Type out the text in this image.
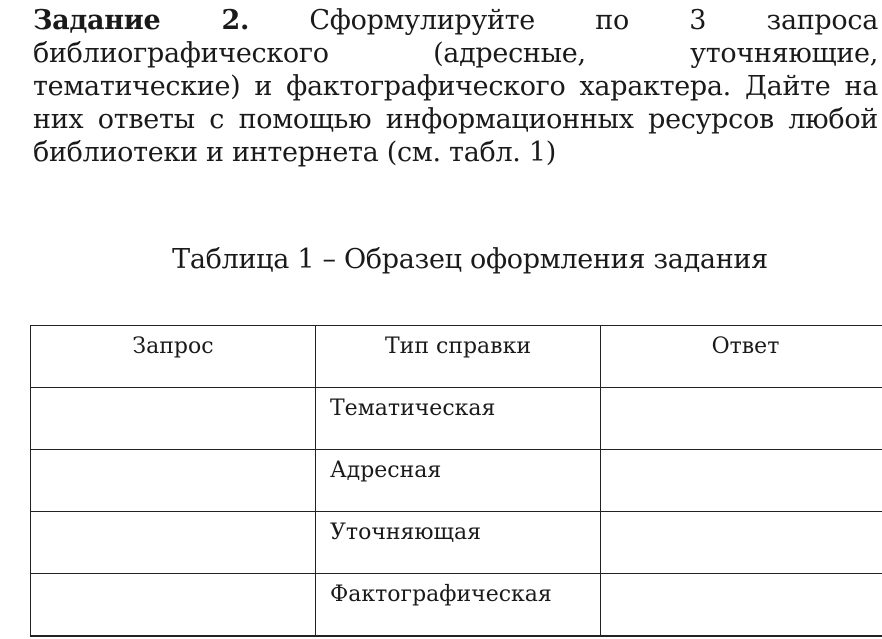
Задание 2. Сформулируйте по 3 запроса библиографического (адресные, уточняющие, тематические) и фактографического характера. Дайте на них ответы с помощью информационных ресурсов любой библиотеки и интернета (см. табл. 1)
Таблица 1 – Образец оформления задания
Запрос	Тип справки	Ответ
	Тематическая	
	Адресная	
	Уточняющая	
	Фактографическая	
